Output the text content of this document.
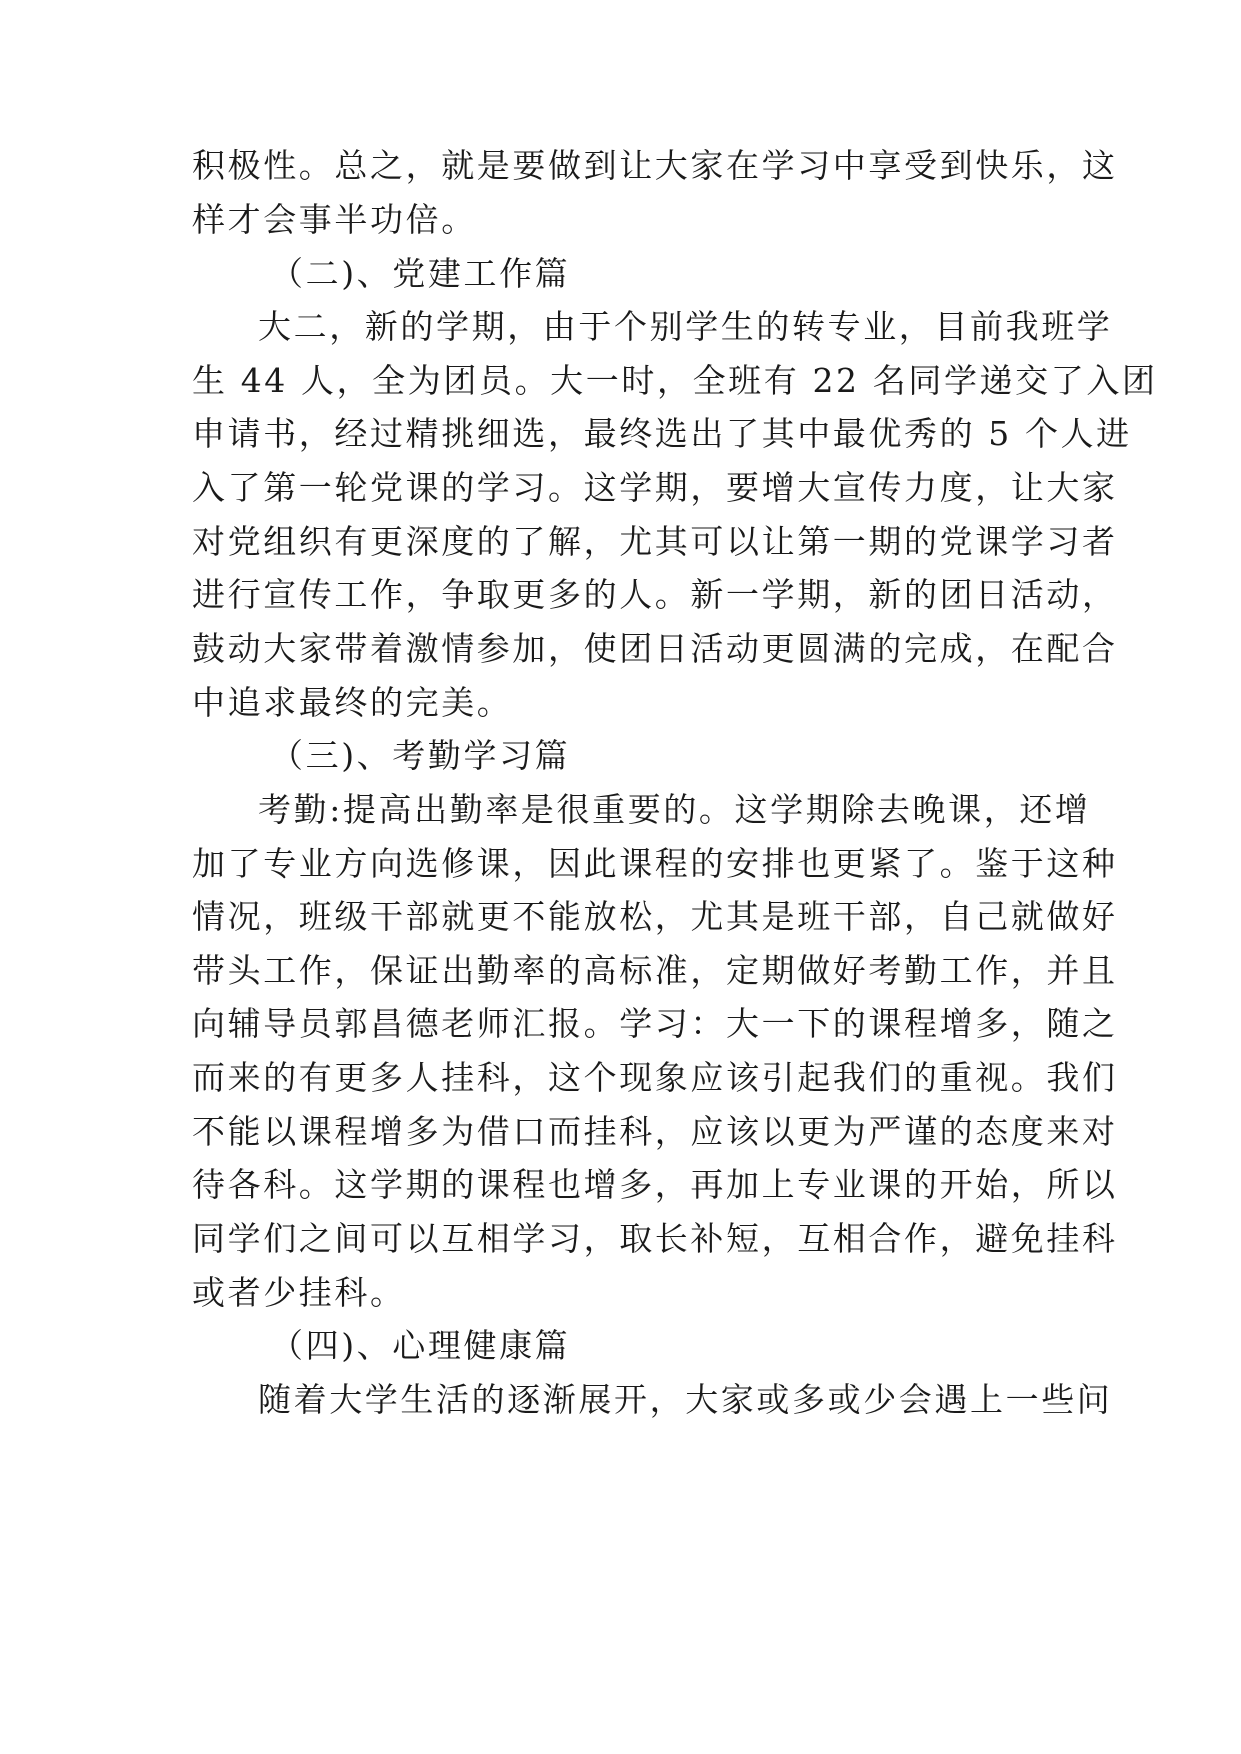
积极性。总之，就是要做到让大家在学习中享受到快乐，这
样才会事半功倍。
（二)、党建工作篇
大二，新的学期，由于个别学生的转专业，目前我班学
生 44 人，全为团员。大一时，全班有 22 名同学递交了入团
申请书，经过精挑细选，最终选出了其中最优秀的 5 个人进
入了第一轮党课的学习。这学期，要增大宣传力度，让大家
对党组织有更深度的了解，尤其可以让第一期的党课学习者
进行宣传工作，争取更多的人。新一学期，新的团日活动，
鼓动大家带着激情参加，使团日活动更圆满的完成，在配合
中追求最终的完美。
（三)、考勤学习篇
考勤:提高出勤率是很重要的。这学期除去晚课，还增
加了专业方向选修课，因此课程的安排也更紧了。鉴于这种
情况，班级干部就更不能放松，尤其是班干部，自己就做好
带头工作，保证出勤率的高标准，定期做好考勤工作，并且
向辅导员郭昌德老师汇报。学习：大一下的课程增多，随之
而来的有更多人挂科，这个现象应该引起我们的重视。我们
不能以课程增多为借口而挂科，应该以更为严谨的态度来对
待各科。这学期的课程也增多，再加上专业课的开始，所以
同学们之间可以互相学习，取长补短，互相合作，避免挂科
或者少挂科。
（四)、心理健康篇
随着大学生活的逐渐展开，大家或多或少会遇上一些问
